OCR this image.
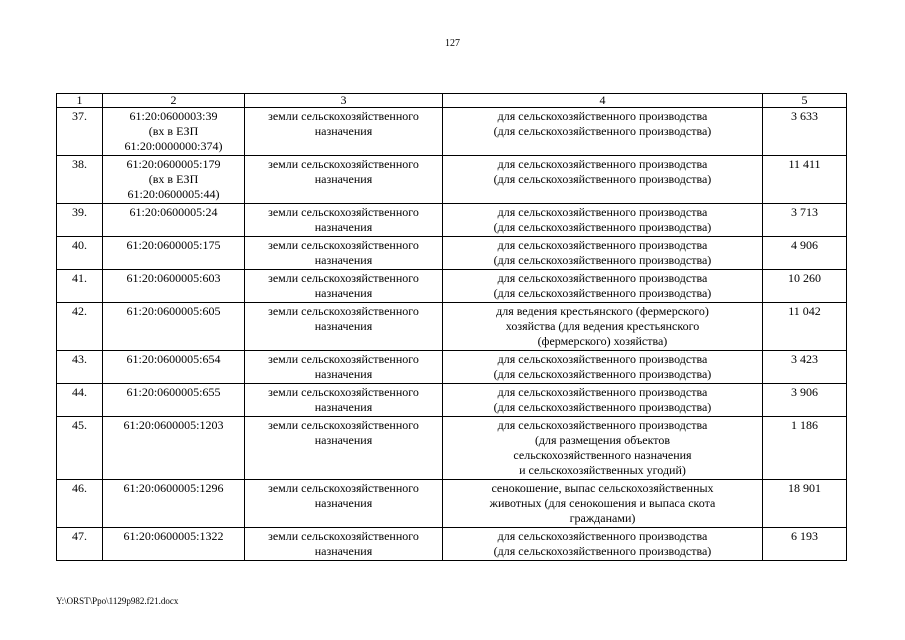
127
1	2	3	4	5
37.	61:20:0600003:39
(вх в ЕЗП
61:20:0000000:374)	земли сельскохозяйственного
назначения	для сельскохозяйственного производства
(для сельскохозяйственного производства)	3 633
38.	61:20:0600005:179
(вх в ЕЗП
61:20:0600005:44)	земли сельскохозяйственного
назначения	для сельскохозяйственного производства
(для сельскохозяйственного производства)	11 411
39.	61:20:0600005:24	земли сельскохозяйственного
назначения	для сельскохозяйственного производства
(для сельскохозяйственного производства)	3 713
40.	61:20:0600005:175	земли сельскохозяйственного
назначения	для сельскохозяйственного производства
(для сельскохозяйственного производства)	4 906
41.	61:20:0600005:603	земли сельскохозяйственного
назначения	для сельскохозяйственного производства
(для сельскохозяйственного производства)	10 260
42.	61:20:0600005:605	земли сельскохозяйственного
назначения	для ведения крестьянского (фермерского)
хозяйства (для ведения крестьянского
(фермерского) хозяйства)	11 042
43.	61:20:0600005:654	земли сельскохозяйственного
назначения	для сельскохозяйственного производства
(для сельскохозяйственного производства)	3 423
44.	61:20:0600005:655	земли сельскохозяйственного
назначения	для сельскохозяйственного производства
(для сельскохозяйственного производства)	3 906
45.	61:20:0600005:1203	земли сельскохозяйственного
назначения	для сельскохозяйственного производства
(для размещения объектов
сельскохозяйственного назначения
и сельскохозяйственных угодий)	1 186
46.	61:20:0600005:1296	земли сельскохозяйственного
назначения	сенокошение, выпас сельскохозяйственных
животных (для сенокошения и выпаса скота
гражданами)	18 901
47.	61:20:0600005:1322	земли сельскохозяйственного
назначения	для сельскохозяйственного производства
(для сельскохозяйственного производства)	6 193
Y:\ORST\Ppo\1129p982.f21.docx
